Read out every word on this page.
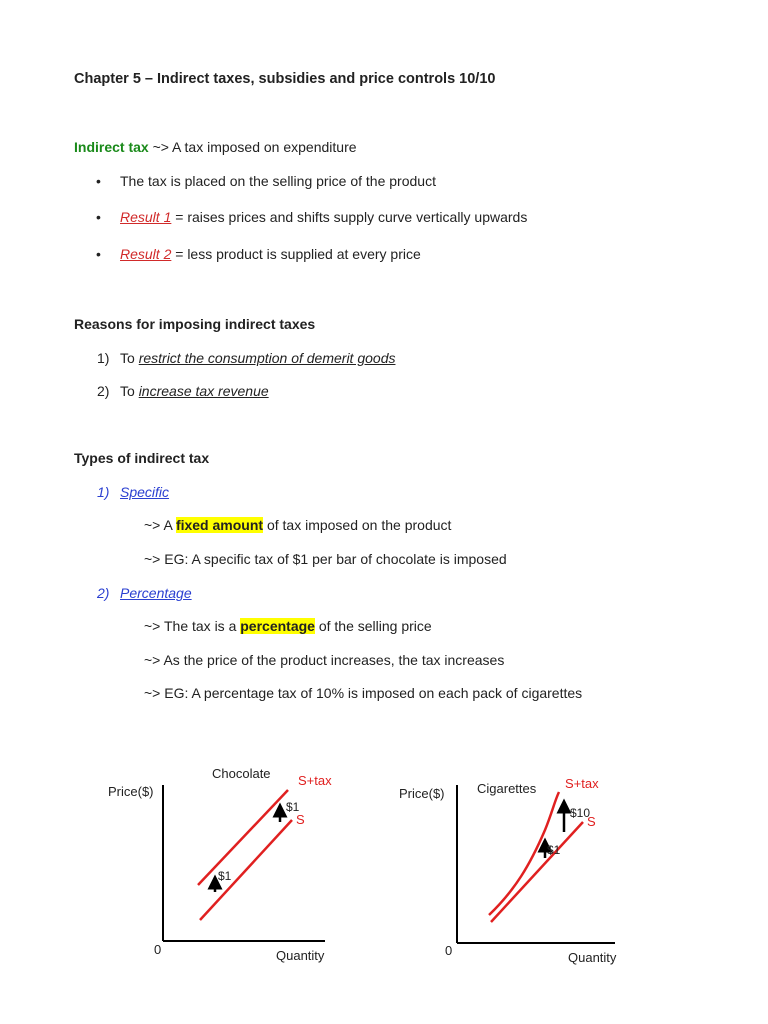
Chapter 5 – Indirect taxes, subsidies and price controls 10/10
Indirect tax ~> A tax imposed on expenditure
• The tax is placed on the selling price of the product
• Result 1 = raises prices and shifts supply curve vertically upwards
• Result 2 = less product is supplied at every price
Reasons for imposing indirect taxes
1) To restrict the consumption of demerit goods
2) To increase tax revenue
Types of indirect tax
1) Specific
~> A fixed amount of tax imposed on the product
~> EG: A specific tax of $1 per bar of chocolate is imposed
2) Percentage
~> The tax is a percentage of the selling price
~> As the price of the product increases, the tax increases
~> EG: A percentage tax of 10% is imposed on each pack of cigarettes
Price($)
Chocolate
Quantity
0
S+tax
S
$1
$1
Price($) Cigarettes
Quantity
0
S+tax
S
$1
$10
